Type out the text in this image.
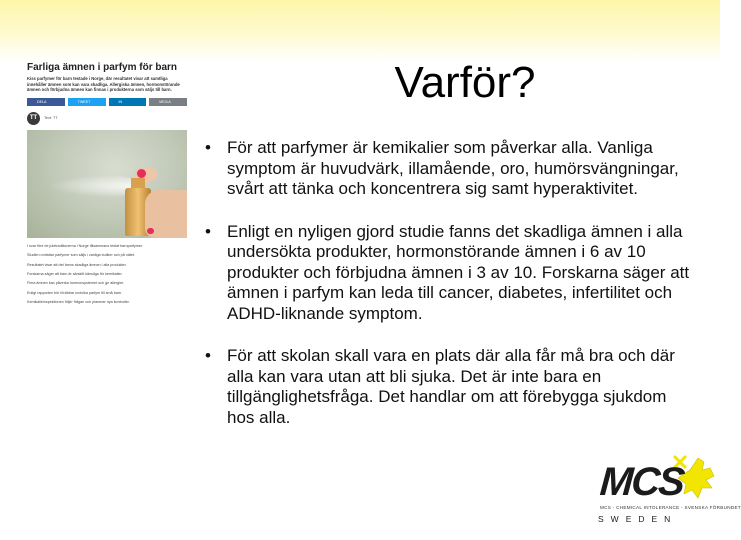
Varför?
Farliga ämnen i parfym för barn
Kiss parfymer för barn testade i Norge, där resultatet visar att samtliga innehåller ämnen som kan vara skadliga. Allergiska ämnen, hormonstörande ämnen och förbjudna ämnen kan finnas i produkterna som säljs till barn.
DELA	TWEET	IN	MEJLA
TT	Text: TT
I svar före de juletraditionerna i Norge tillsammans testat barnparfymer.
Studien omfattar parfymer som säljs i vanliga butiker och på nätet.
Resultatet visar att det fanns skadliga ämnen i alla produkter.
Forskarna säger att barn är särskilt känsliga för kemikalier.
Flera ämnen kan påverka hormonsystemet och ge allergier.
Enligt rapporten bör föräldrar undvika parfym till små barn.
Kemikalieinspektionen följer frågan och planerar nya kontroller.
• För att parfymer är kemikalier som påverkar alla. Vanliga symptom är huvudvärk, illamående, oro, humörsvängningar, svårt att tänka och koncentrera sig samt hyperaktivitet.
• Enligt en nyligen gjord studie fanns det skadliga ämnen i alla undersökta produkter, hormonstörande ämnen i 6 av 10 produkter och förbjudna ämnen i 3 av 10. Forskarna säger att ämnen i parfym kan leda till cancer, diabetes, infertilitet och ADHD-liknande symptom.
• För att skolan skall vara en plats där alla får må bra och där alla kan vara utan att bli sjuka. Det är inte bara en tillgänglighetsfråga. Det handlar om att förebygga sjukdom hos alla.
MCS
MCS - CHEMICAL INTOLERANCE - SVENSKA FÖRBUNDET
SWEDEN
